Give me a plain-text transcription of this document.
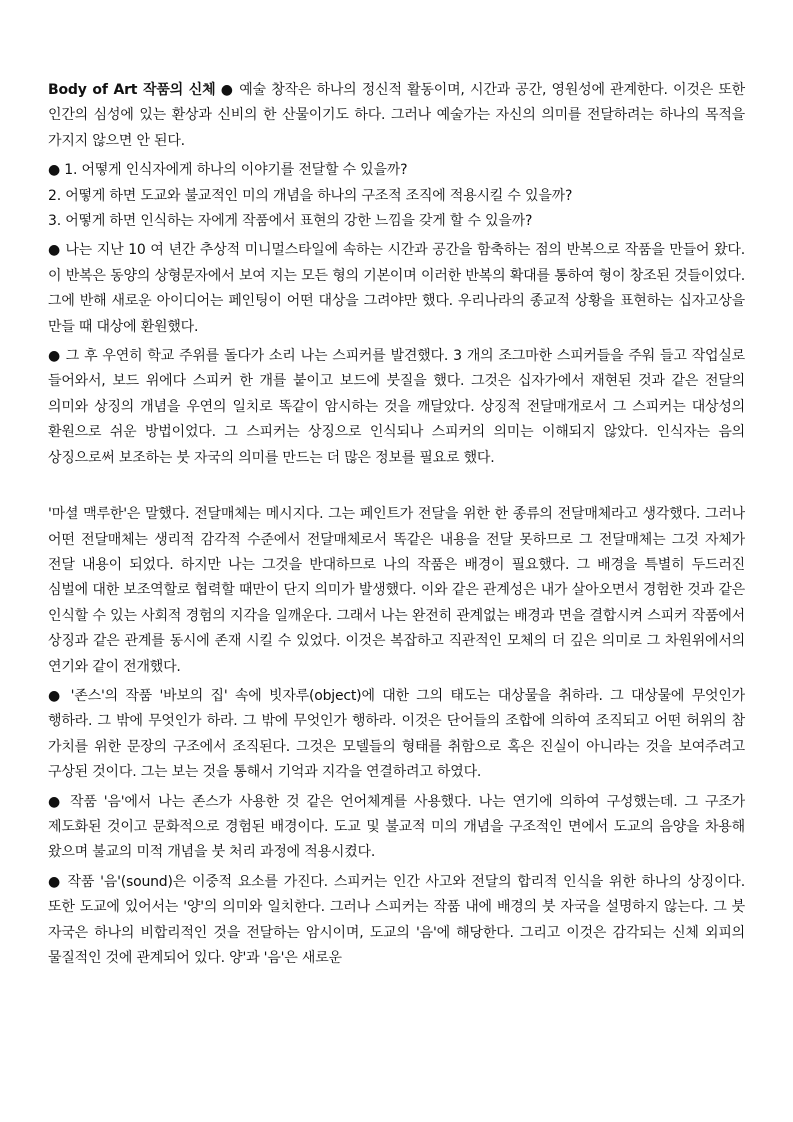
Body of Art 작품의 신체 ● 예술 창작은 하나의 정신적 활동이며, 시간과 공간, 영원성에 관계한다. 이것은 또한 인간의 심성에 있는 환상과 신비의 한 산물이기도 하다. 그러나 예술가는 자신의 의미를 전달하려는 하나의 목적을 가지지 않으면 안 된다.

● 1. 어떻게 인식자에게 하나의 이야기를 전달할 수 있을까?

2. 어떻게 하면 도교와 불교적인 미의 개념을 하나의 구조적 조직에 적용시킬 수 있을까?

3. 어떻게 하면 인식하는 자에게 작품에서 표현의 강한 느낌을 갖게 할 수 있을까?

● 나는 지난 10 여 년간 추상적 미니멀스타일에 속하는 시간과 공간을 함축하는 점의 반복으로 작품을 만들어 왔다. 이 반복은 동양의 상형문자에서 보여 지는 모든 형의 기본이며 이러한 반복의 확대를 통하여 형이 창조된 것들이었다. 그에 반해 새로운 아이디어는 페인팅이 어떤 대상을 그려야만 했다. 우리나라의 종교적 상황을 표현하는 십자고상을 만들 때 대상에 환원했다.

● 그 후 우연히 학교 주위를 돌다가 소리 나는 스피커를 발견했다. 3 개의 조그마한 스피커들을 주워 들고 작업실로 들어와서, 보드 위에다 스피커 한 개를 붙이고 보드에 붓질을 했다. 그것은 십자가에서 재현된 것과 같은 전달의 의미와 상징의 개념을 우연의 일치로 똑같이 암시하는 것을 깨달았다. 상징적 전달매개로서 그 스피커는 대상성의 환원으로 쉬운 방법이었다. 그 스피커는 상징으로 인식되나 스피커의 의미는 이해되지 않았다. 인식자는 음의 상징으로써 보조하는 붓 자국의 의미를 만드는 더 많은 정보를 필요로 했다.

'마셜 맥루한'은 말했다. 전달매체는 메시지다. 그는 페인트가 전달을 위한 한 종류의 전달매체라고 생각했다. 그러나 어떤 전달매체는 생리적 감각적 수준에서 전달매체로서 똑같은 내용을 전달 못하므로 그 전달매체는 그것 자체가 전달 내용이 되었다. 하지만 나는 그것을 반대하므로 나의 작품은 배경이 필요했다. 그 배경을 특별히 두드러진 심벌에 대한 보조역할로 협력할 때만이 단지 의미가 발생했다. 이와 같은 관계성은 내가 살아오면서 경험한 것과 같은 인식할 수 있는 사회적 경험의 지각을 일깨운다. 그래서 나는 완전히 관계없는 배경과 면을 결합시켜 스피커 작품에서 상징과 같은 관계를 동시에 존재 시킬 수 있었다. 이것은 복잡하고 직관적인 모체의 더 깊은 의미로 그 차원위에서의 연기와 같이 전개했다.

● '존스'의 작품 '바보의 집' 속에 빗자루(object)에 대한 그의 태도는 대상물을 취하라. 그 대상물에 무엇인가 행하라. 그 밖에 무엇인가 하라. 그 밖에 무엇인가 행하라. 이것은 단어들의 조합에 의하여 조직되고 어떤 허위의 참 가치를 위한 문장의 구조에서 조직된다. 그것은 모델들의 형태를 취함으로 혹은 진실이 아니라는 것을 보여주려고 구상된 것이다. 그는 보는 것을 통해서 기억과 지각을 연결하려고 하였다.

● 작품 '음'에서 나는 존스가 사용한 것 같은 언어체계를 사용했다. 나는 연기에 의하여 구성했는데. 그 구조가 제도화된 것이고 문화적으로 경험된 배경이다. 도교 및 불교적 미의 개념을 구조적인 면에서 도교의 음양을 차용해 왔으며 불교의 미적 개념을 붓 처리 과정에 적용시켰다.

● 작품 '음'(sound)은 이중적 요소를 가진다. 스피커는 인간 사고와 전달의 합리적 인식을 위한 하나의 상징이다. 또한 도교에 있어서는 '양'의 의미와 일치한다. 그러나 스피커는 작품 내에 배경의 붓 자국을 설명하지 않는다. 그 붓 자국은 하나의 비합리적인 것을 전달하는 암시이며, 도교의 '음'에 해당한다. 그리고 이것은 감각되는 신체 외피의 물질적인 것에 관계되어 있다. 양'과 '음'은 새로운
